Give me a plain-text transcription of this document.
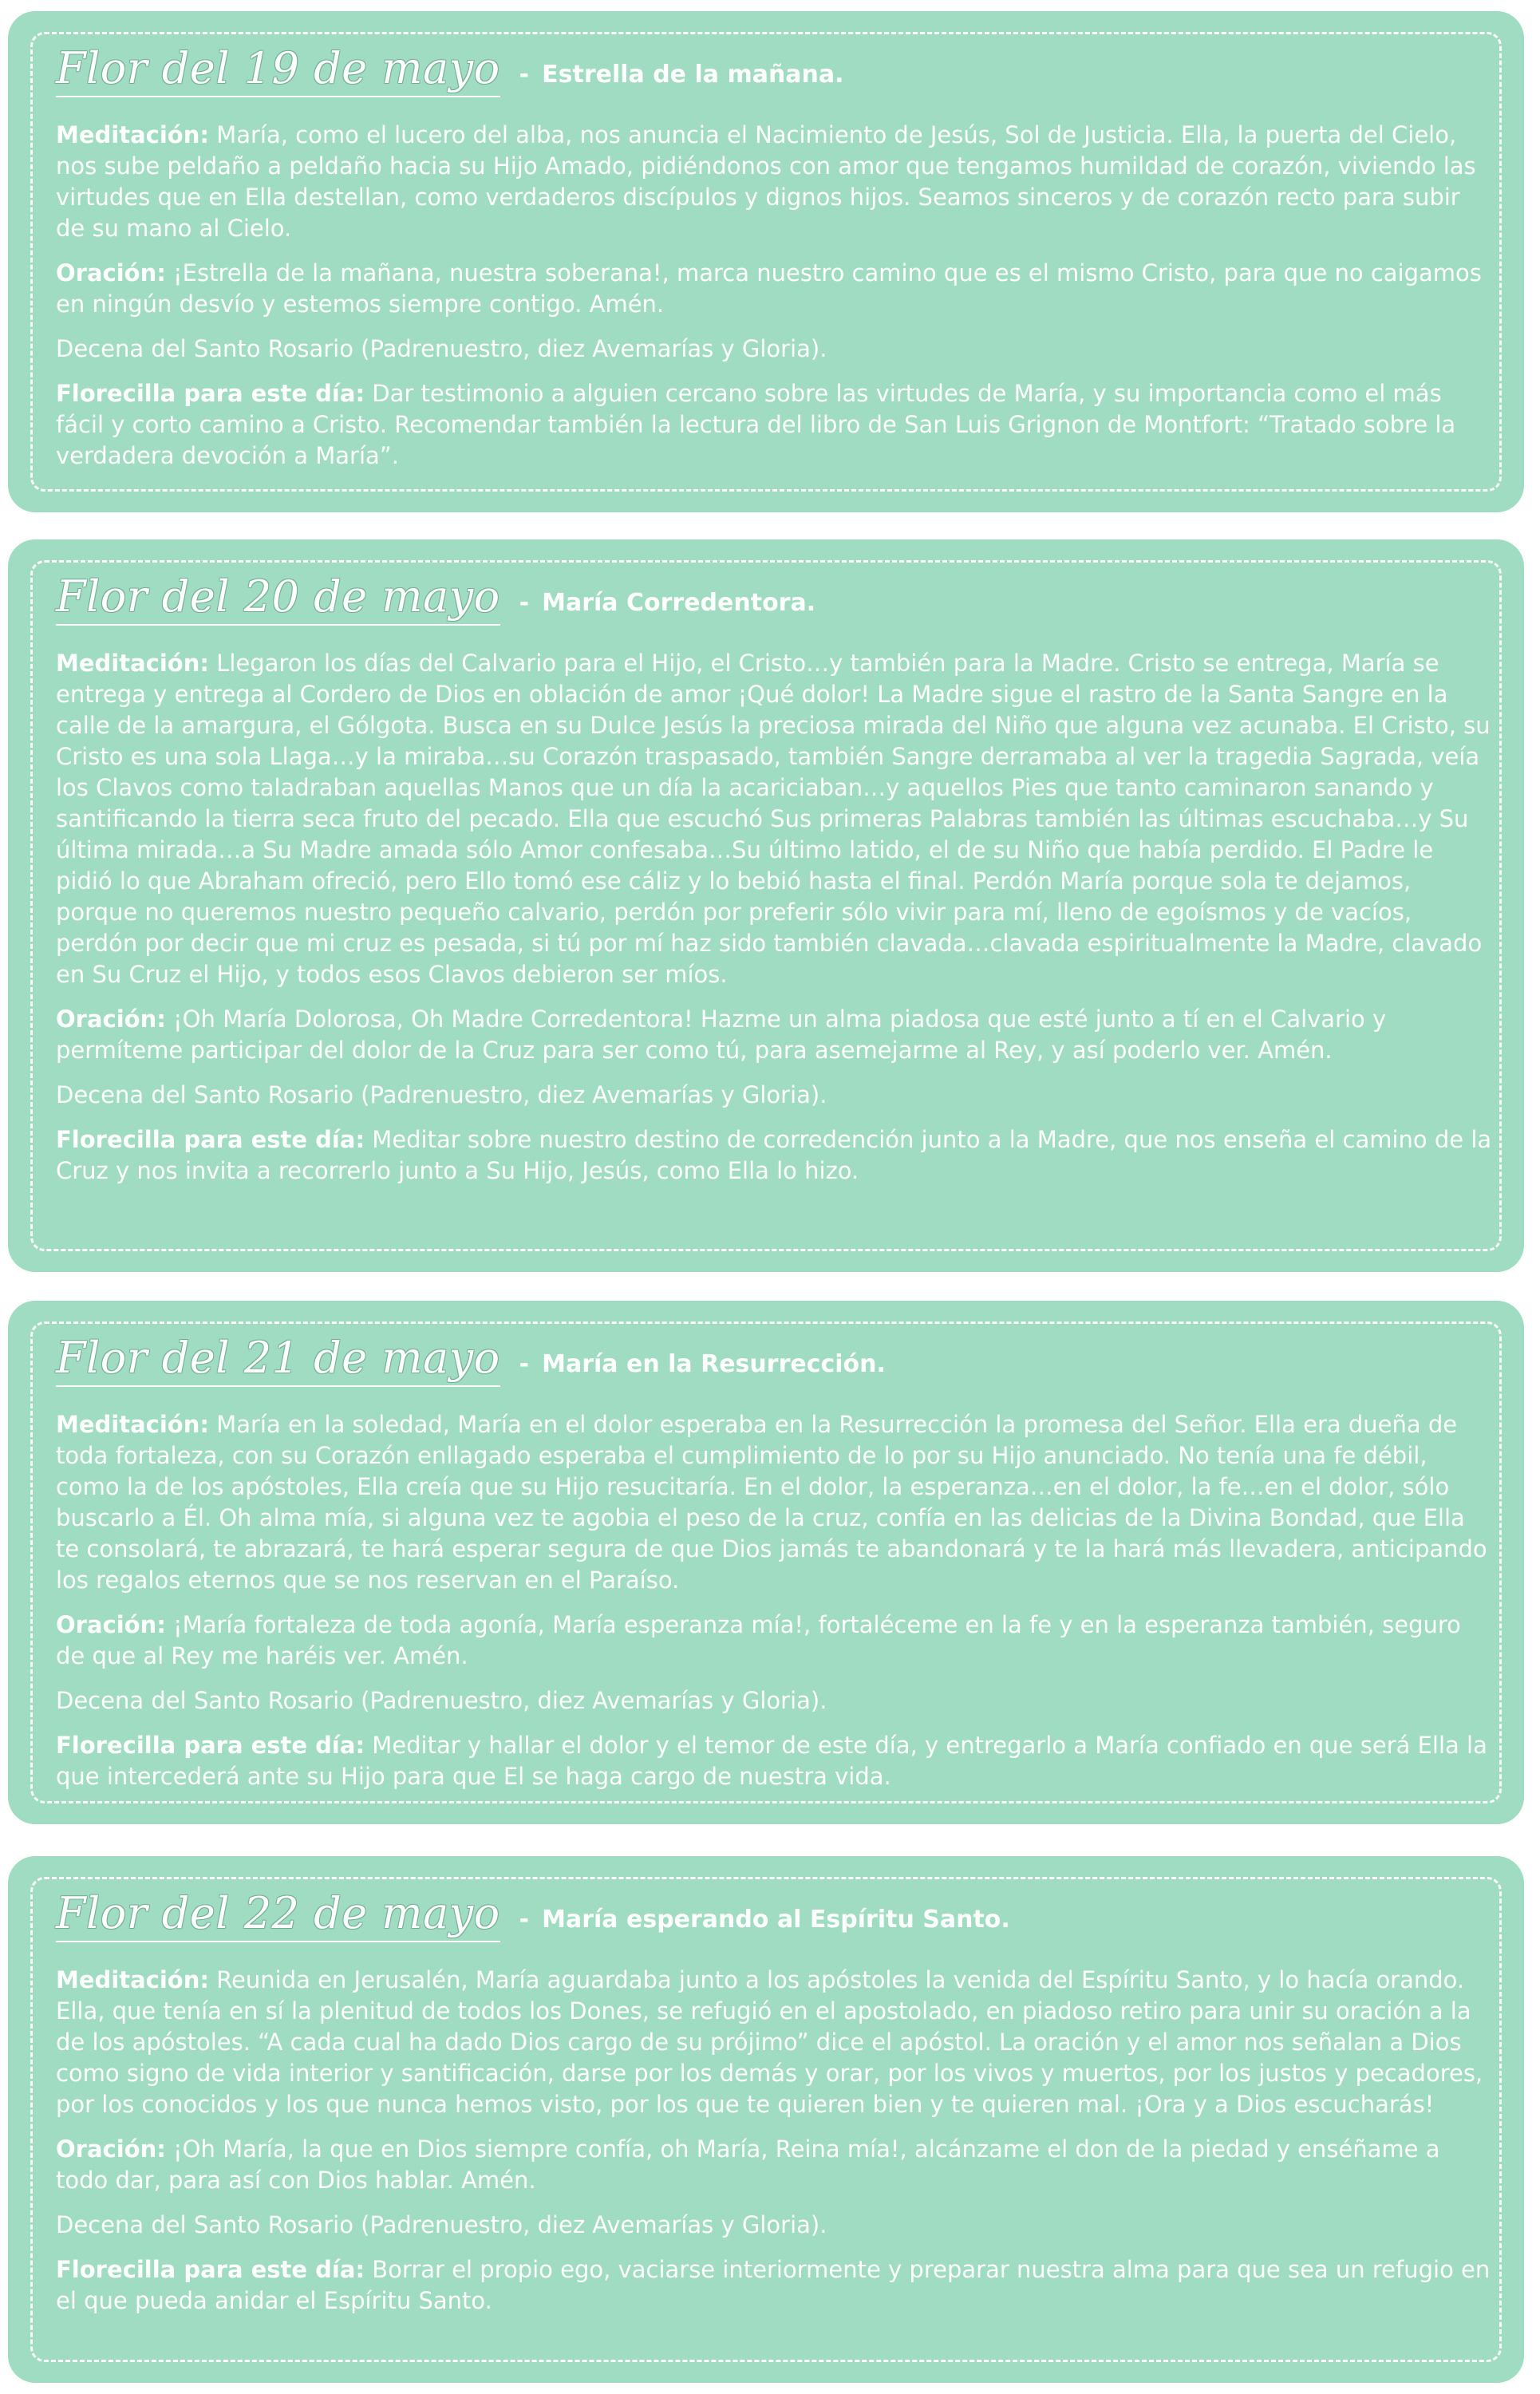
Flor del 19 de mayo - Estrella de la mañana.

Meditación: María, como el lucero del alba, nos anuncia el Nacimiento de Jesús, Sol de Justicia. Ella, la puerta del Cielo, nos sube peldaño a peldaño hacia su Hijo Amado, pidiéndonos con amor que tengamos humildad de corazón, viviendo las virtudes que en Ella destellan, como verdaderos discípulos y dignos hijos. Seamos sinceros y de corazón recto para subir de su mano al Cielo.

Oración: ¡Estrella de la mañana, nuestra soberana!, marca nuestro camino que es el mismo Cristo, para que no caigamos en ningún desvío y estemos siempre contigo. Amén.

Decena del Santo Rosario (Padrenuestro, diez Avemarías y Gloria).

Florecilla para este día: Dar testimonio a alguien cercano sobre las virtudes de María, y su importancia como el más fácil y corto camino a Cristo. Recomendar también la lectura del libro de San Luis Grignon de Montfort: “Tratado sobre la verdadera devoción a María”.

Flor del 20 de mayo - María Corredentora.

Meditación: Llegaron los días del Calvario para el Hijo, el Cristo…y también para la Madre. Cristo se entrega, María se entrega y entrega al Cordero de Dios en oblación de amor ¡Qué dolor! La Madre sigue el rastro de la Santa Sangre en la calle de la amargura, el Gólgota. Busca en su Dulce Jesús la preciosa mirada del Niño que alguna vez acunaba. El Cristo, su Cristo es una sola Llaga…y la miraba…su Corazón traspasado, también Sangre derramaba al ver la tragedia Sagrada, veía los Clavos como taladraban aquellas Manos que un día la acariciaban…y aquellos Pies que tanto caminaron sanando y santificando la tierra seca fruto del pecado. Ella que escuchó Sus primeras Palabras también las últimas escuchaba…y Su última mirada…a Su Madre amada sólo Amor confesaba…Su último latido, el de su Niño que había perdido. El Padre le pidió lo que Abraham ofreció, pero Ello tomó ese cáliz y lo bebió hasta el final. Perdón María porque sola te dejamos, porque no queremos nuestro pequeño calvario, perdón por preferir sólo vivir para mí, lleno de egoísmos y de vacíos, perdón por decir que mi cruz es pesada, si tú por mí haz sido también clavada…clavada espiritualmente la Madre, clavado en Su Cruz el Hijo, y todos esos Clavos debieron ser míos.

Oración: ¡Oh María Dolorosa, Oh Madre Corredentora! Hazme un alma piadosa que esté junto a tí en el Calvario y permíteme participar del dolor de la Cruz para ser como tú, para asemejarme al Rey, y así poderlo ver. Amén.

Decena del Santo Rosario (Padrenuestro, diez Avemarías y Gloria).

Florecilla para este día: Meditar sobre nuestro destino de corredención junto a la Madre, que nos enseña el camino de la Cruz y nos invita a recorrerlo junto a Su Hijo, Jesús, como Ella lo hizo.

Flor del 21 de mayo - María en la Resurrección.

Meditación: María en la soledad, María en el dolor esperaba en la Resurrección la promesa del Señor. Ella era dueña de toda fortaleza, con su Corazón enllagado esperaba el cumplimiento de lo por su Hijo anunciado. No tenía una fe débil, como la de los apóstoles, Ella creía que su Hijo resucitaría. En el dolor, la esperanza…en el dolor, la fe…en el dolor, sólo buscarlo a Él. Oh alma mía, si alguna vez te agobia el peso de la cruz, confía en las delicias de la Divina Bondad, que Ella te consolará, te abrazará, te hará esperar segura de que Dios jamás te abandonará y te la hará más llevadera, anticipando los regalos eternos que se nos reservan en el Paraíso.

Oración: ¡María fortaleza de toda agonía, María esperanza mía!, fortaléceme en la fe y en la esperanza también, seguro de que al Rey me haréis ver. Amén.

Decena del Santo Rosario (Padrenuestro, diez Avemarías y Gloria).

Florecilla para este día: Meditar y hallar el dolor y el temor de este día, y entregarlo a María confiado en que será Ella la que intercederá ante su Hijo para que El se haga cargo de nuestra vida.

Flor del 22 de mayo - María esperando al Espíritu Santo.

Meditación: Reunida en Jerusalén, María aguardaba junto a los apóstoles la venida del Espíritu Santo, y lo hacía orando. Ella, que tenía en sí la plenitud de todos los Dones, se refugió en el apostolado, en piadoso retiro para unir su oración a la de los apóstoles. “A cada cual ha dado Dios cargo de su prójimo” dice el apóstol. La oración y el amor nos señalan a Dios como signo de vida interior y santificación, darse por los demás y orar, por los vivos y muertos, por los justos y pecadores, por los conocidos y los que nunca hemos visto, por los que te quieren bien y te quieren mal. ¡Ora y a Dios escucharás!

Oración: ¡Oh María, la que en Dios siempre confía, oh María, Reina mía!, alcánzame el don de la piedad y enséñame a todo dar, para así con Dios hablar. Amén.

Decena del Santo Rosario (Padrenuestro, diez Avemarías y Gloria).

Florecilla para este día: Borrar el propio ego, vaciarse interiormente y preparar nuestra alma para que sea un refugio en el que pueda anidar el Espíritu Santo.
